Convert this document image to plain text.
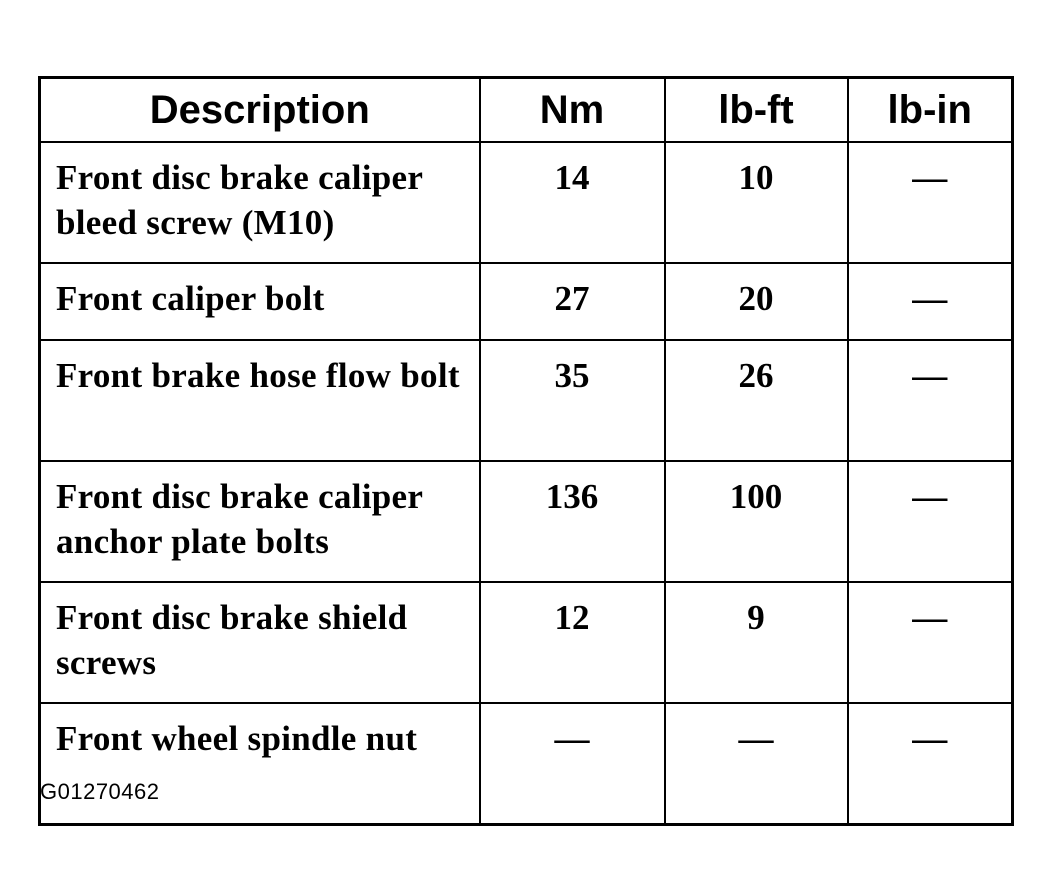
Description	Nm	lb-ft	lb-in
Front disc brake caliper bleed screw (M10)	14	10	—
Front caliper bolt	27	20	—
Front brake hose flow bolt	35	26	—
Front disc brake caliper anchor plate bolts	136	100	—
Front disc brake shield screws	12	9	—
Front wheel spindle nut	—	—	—
G01270462
